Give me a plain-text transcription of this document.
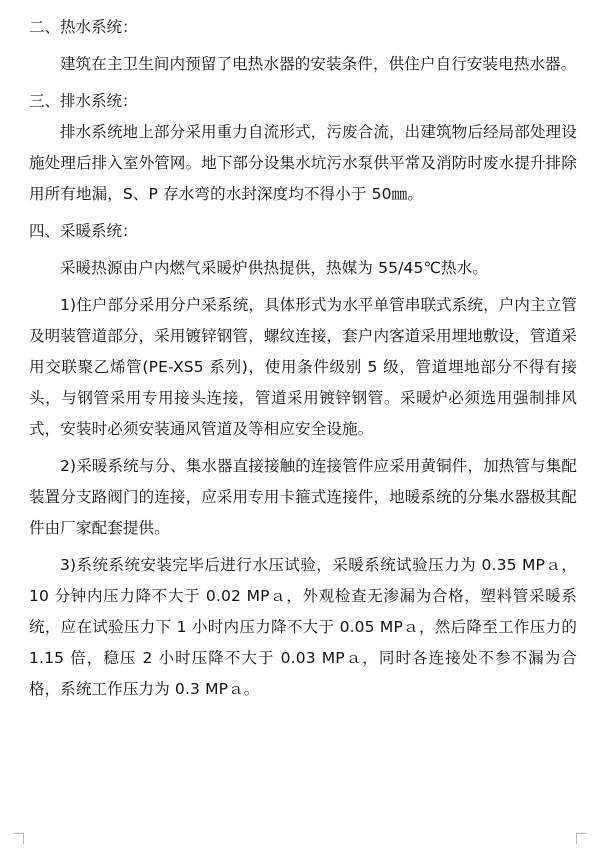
二、热水系统：

建筑在主卫生间内预留了电热水器的安装条件，供住户自行安装电热水器。

三、排水系统：

排水系统地上部分采用重力自流形式，污废合流，出建筑物后经局部处理设施处理后排入室外管网。地下部分设集水坑污水泵供平常及消防时废水提升排除用所有地漏，S、P 存水弯的水封深度均不得小于 50㎜。

四、采暖系统：

采暖热源由户内燃气采暖炉供热提供，热媒为 55/45℃热水。

1)住户部分采用分户采系统，具体形式为水平单管串联式系统，户内主立管及明装管道部分，采用镀锌钢管，螺纹连接，套户内客道采用埋地敷设，管道采用交联聚乙烯管(PE-XS5 系列)，使用条件级别 5 级，管道埋地部分不得有接头，与钢管采用专用接头连接，管道采用镀锌钢管。采暖炉必须选用强制排风式，安装时必须安装通风管道及等相应安全设施。

2)采暖系统与分、集水器直接接触的连接管件应采用黄铜件，加热管与集配装置分支路阀门的连接，应采用专用卡箍式连接件，地暖系统的分集水器极其配件由厂家配套提供。

3)系统系统安装完毕后进行水压试验，采暖系统试验压力为 0.35 MPａ，10 分钟内压力降不大于 0.02 MPａ，外观检查无渗漏为合格，塑料管采暖系统，应在试验压力下 1 小时内压力降不大于 0.05 MPａ，然后降至工作压力的 1.15 倍，稳压 2 小时压降不大于 0.03 MPａ，同时各连接处不参不漏为合格，系统工作压力为 0.3 MPａ。
